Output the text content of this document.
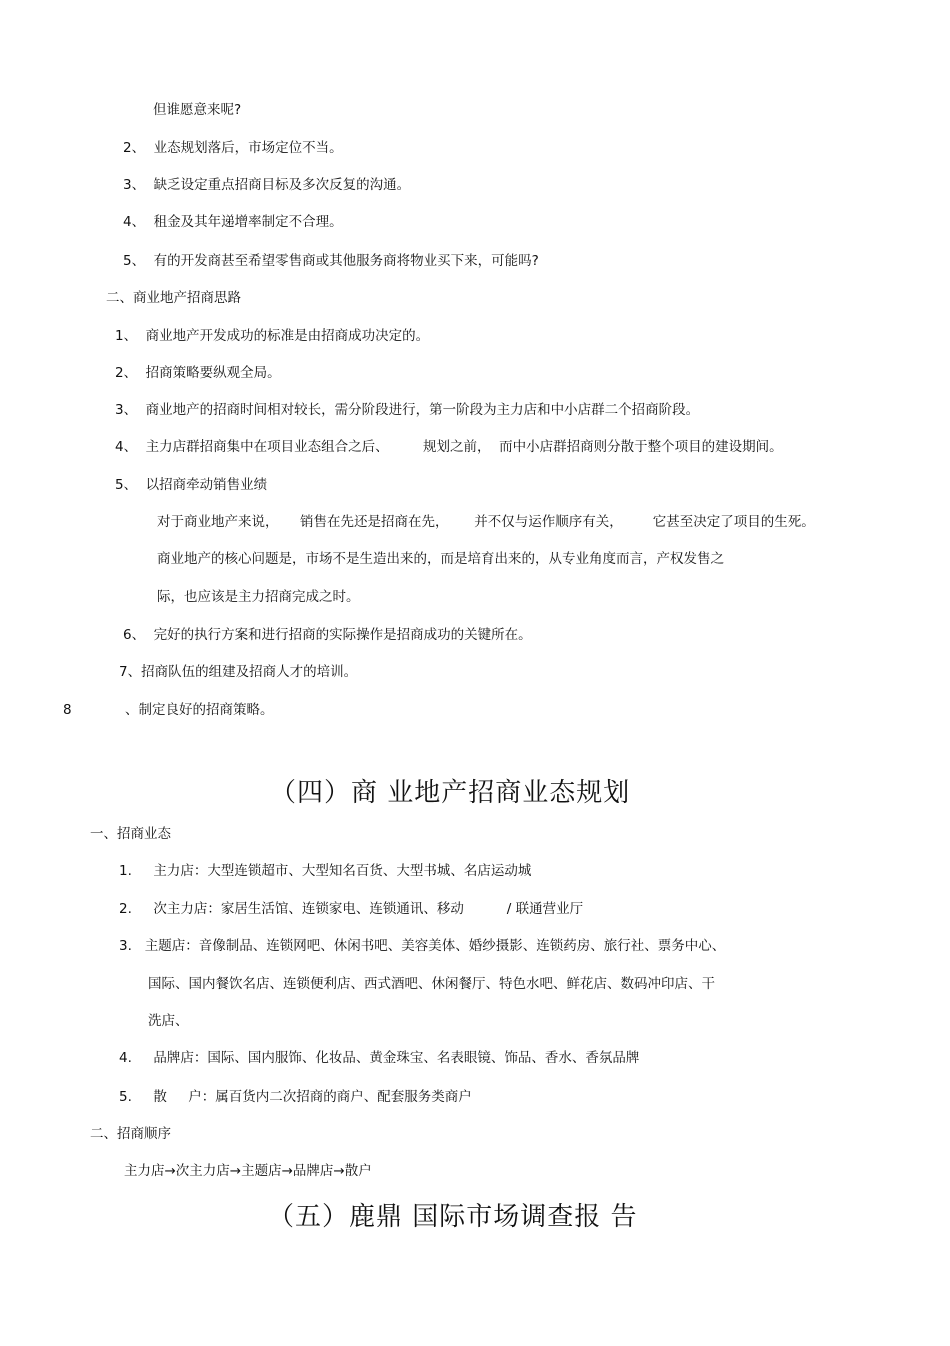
但谁愿意来呢?
2、  业态规划落后，市场定位不当。
3、  缺乏设定重点招商目标及多次反复的沟通。
4、  租金及其年递增率制定不合理。
5、  有的开发商甚至希望零售商或其他服务商将物业买下来，可能吗?
二、商业地产招商思路
1、  商业地产开发成功的标准是由招商成功决定的。
2、  招商策略要纵观全局。
3、  商业地产的招商时间相对较长，需分阶段进行，第一阶段为主力店和中小店群二个招商阶段。
4、  主力店群招商集中在项目业态组合之后、        规划之前，  而中小店群招商则分散于整个项目的建设期间。
5、  以招商牵动销售业绩
对于商业地产来说，     销售在先还是招商在先，      并不仅与运作顺序有关，       它甚至决定了项目的生死。
商业地产的核心问题是，市场不是生造出来的，而是培育出来的，从专业角度而言，产权发售之
际，也应该是主力招商完成之时。
6、  完好的执行方案和进行招商的实际操作是招商成功的关键所在。
7、招商队伍的组建及招商人才的培训。
8	、制定良好的招商策略。
（四）商 业地产招商业态规划
一、招商业态
1.     主力店：大型连锁超市、大型知名百货、大型书城、名店运动城
2.     次主力店：家居生活馆、连锁家电、连锁通讯、移动          / 联通营业厅
3.   主题店：音像制品、连锁网吧、休闲书吧、美容美体、婚纱摄影、连锁药房、旅行社、票务中心、
国际、国内餐饮名店、连锁便利店、西式酒吧、休闲餐厅、特色水吧、鲜花店、数码冲印店、干
洗店、
4.     品牌店：国际、国内服饰、化妆品、黄金珠宝、名表眼镜、饰品、香水、香氛品牌
5.     散     户：属百货内二次招商的商户、配套服务类商户
二、招商顺序
主力店→次主力店→主题店→品牌店→散户
（五）鹿鼎 国际市场调查报 告
